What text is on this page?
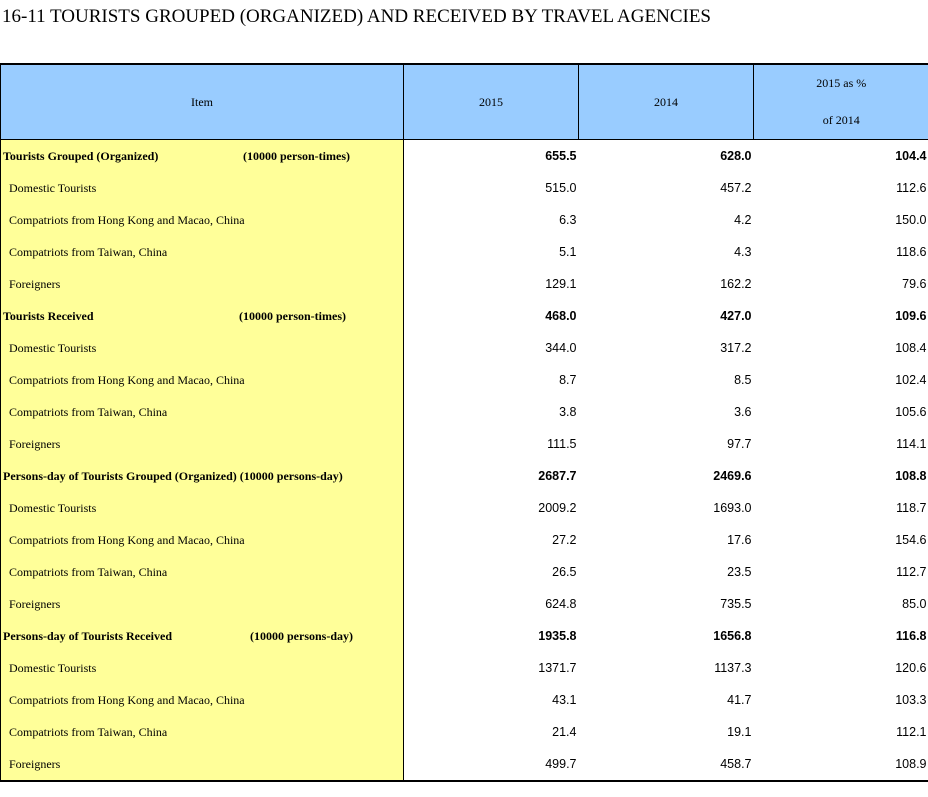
16-11 TOURISTS GROUPED (ORGANIZED) AND RECEIVED BY TRAVEL AGENCIES
Item	2015	2014	2015 as %
of 2014
Tourists Grouped (Organized) (10000 person-times)	655.5	628.0	104.4
Domestic Tourists	515.0	457.2	112.6
Compatriots from Hong Kong and Macao, China	6.3	4.2	150.0
Compatriots from Taiwan, China	5.1	4.3	118.6
Foreigners	129.1	162.2	79.6
Tourists Received (10000 person-times)	468.0	427.0	109.6
Domestic Tourists	344.0	317.2	108.4
Compatriots from Hong Kong and Macao, China	8.7	8.5	102.4
Compatriots from Taiwan, China	3.8	3.6	105.6
Foreigners	111.5	97.7	114.1
Persons-day of Tourists Grouped (Organized) (10000 persons-day)	2687.7	2469.6	108.8
Domestic Tourists	2009.2	1693.0	118.7
Compatriots from Hong Kong and Macao, China	27.2	17.6	154.6
Compatriots from Taiwan, China	26.5	23.5	112.7
Foreigners	624.8	735.5	85.0
Persons-day of Tourists Received (10000 persons-day)	1935.8	1656.8	116.8
Domestic Tourists	1371.7	1137.3	120.6
Compatriots from Hong Kong and Macao, China	43.1	41.7	103.3
Compatriots from Taiwan, China	21.4	19.1	112.1
Foreigners	499.7	458.7	108.9
